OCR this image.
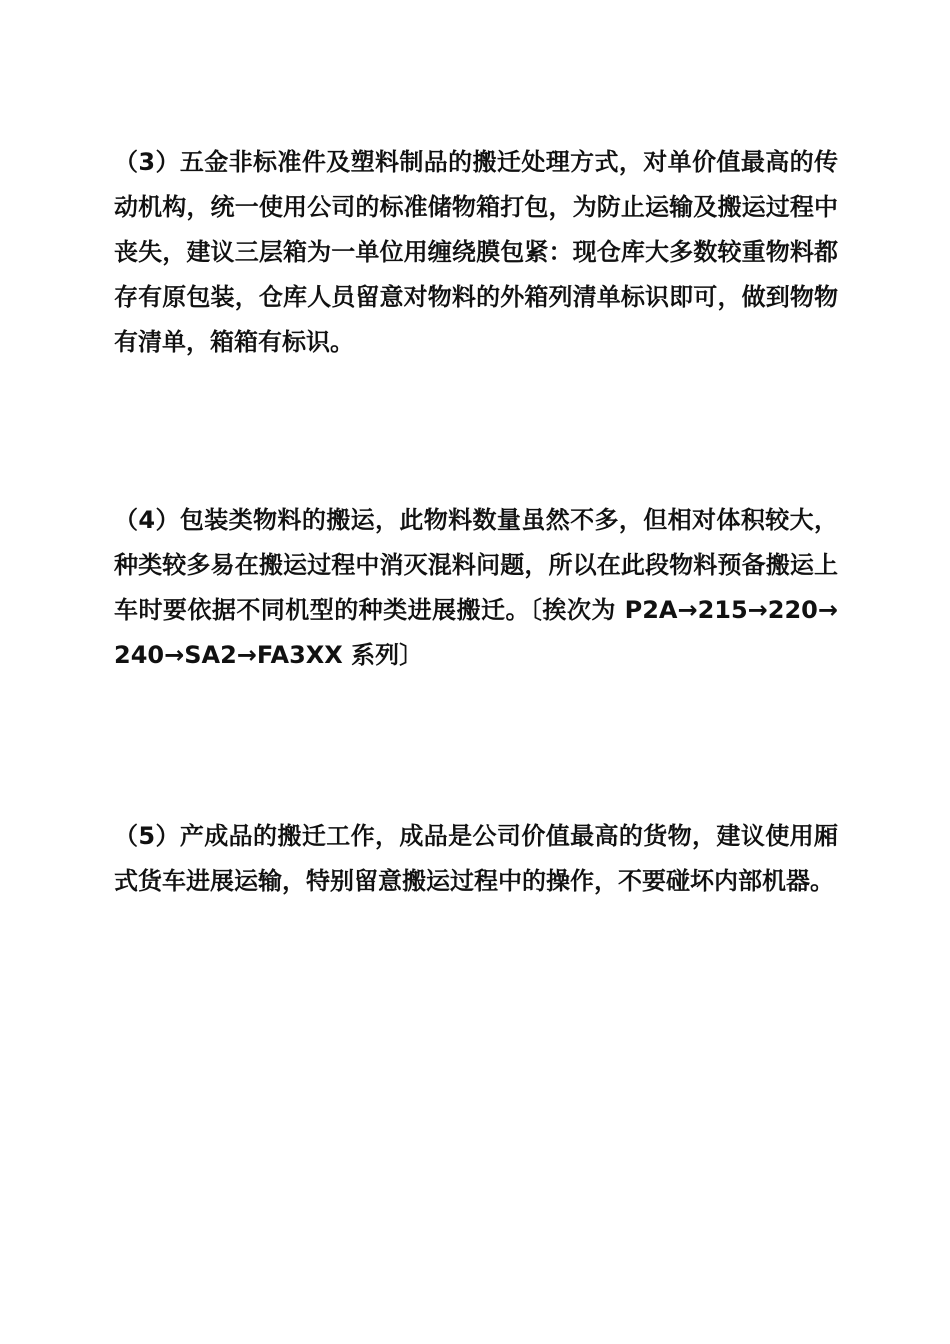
（3）五金非标准件及塑料制品的搬迁处理方式，对单价值最高的传动机构，统一使用公司的标准储物箱打包，为防止运输及搬运过程中丧失，建议三层箱为一单位用缠绕膜包紧：现仓库大多数较重物料都存有原包装，仓库人员留意对物料的外箱列清单标识即可，做到物物有清单，箱箱有标识。

（4）包装类物料的搬运，此物料数量虽然不多，但相对体积较大，种类较多易在搬运过程中消灭混料问题，所以在此段物料预备搬运上车时要依据不同机型的种类进展搬迁。〔挨次为 P2A→215→220→240→SA2→FA3XX 系列〕

（5）产成品的搬迁工作，成品是公司价值最高的货物，建议使用厢式货车进展运输，特别留意搬运过程中的操作，不要碰坏内部机器。
